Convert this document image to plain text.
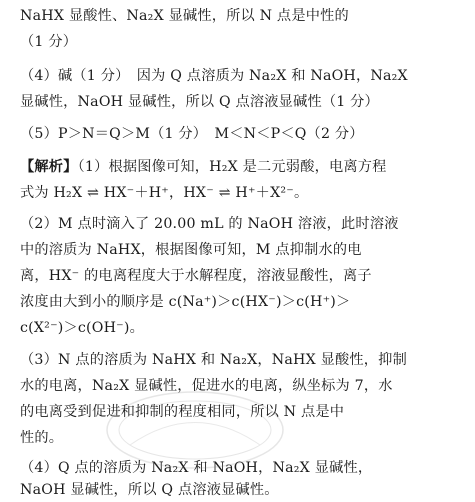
NaHX 显酸性、Na₂X 显碱性，所以 N 点是中性的
（1 分）
（4）碱（1 分）　因为 Q 点溶质为 Na₂X 和 NaOH，Na₂X
显碱性，NaOH 显碱性，所以 Q 点溶液显碱性（1 分）
（5）P＞N＝Q＞M（1 分）　M＜N＜P＜Q（2 分）
【解析】（1）根据图像可知，H₂X 是二元弱酸，电离方程
式为 H₂X ⇌ HX⁻＋H⁺，HX⁻ ⇌ H⁺＋X²⁻。
（2）M 点时滴入了 20.00 mL 的 NaOH 溶液，此时溶液
中的溶质为 NaHX，根据图像可知，M 点抑制水的电
离，HX⁻ 的电离程度大于水解程度，溶液显酸性，离子
浓度由大到小的顺序是 c(Na⁺)＞c(HX⁻)＞c(H⁺)＞
c(X²⁻)＞c(OH⁻)。
（3）N 点的溶质为 NaHX 和 Na₂X，NaHX 显酸性，抑制
水的电离，Na₂X 显碱性，促进水的电离，纵坐标为 7，水
的电离受到促进和抑制的程度相同，所以 N 点是中
性的。
（4）Q 点的溶质为 Na₂X 和 NaOH，Na₂X 显碱性，
NaOH 显碱性，所以 Q 点溶液显碱性。
